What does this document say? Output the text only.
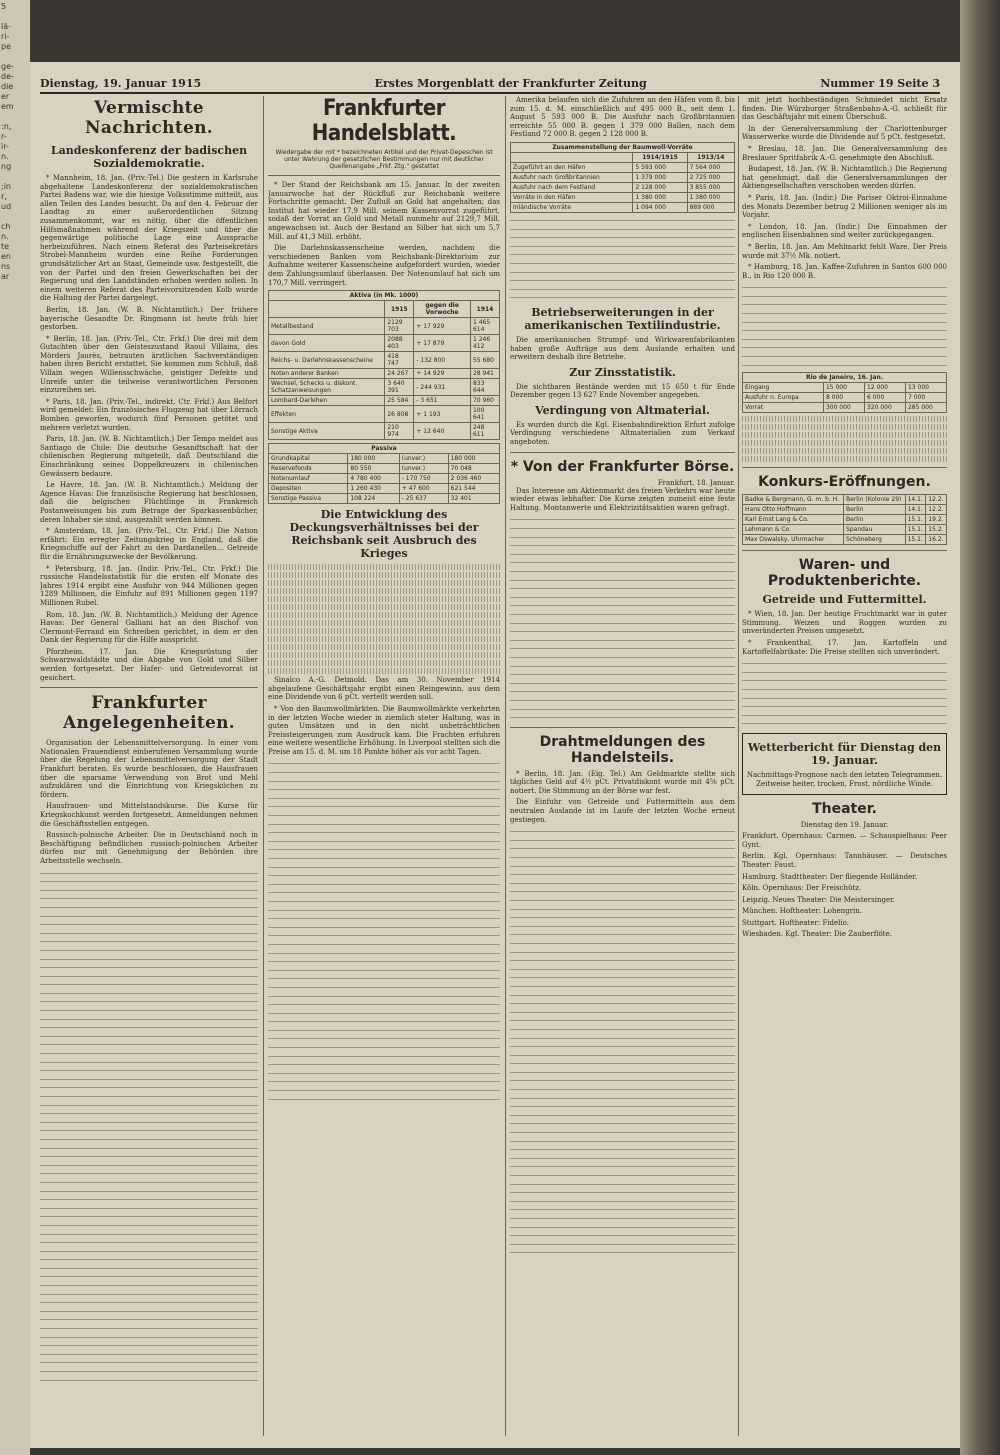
5

lä-
ri-
pe

ge-
de-
die
er
em

:n,
r-
ir-
n.
ng

;in
r,
ud

ch
n.
te
en
ns
ar
Dienstag, 19. Januar 1915	Erstes Morgenblatt der Frankfurter Zeitung	Nummer 19 Seite 3
Vermischte Nachrichten.
Landeskonferenz der badischen Sozialdemokratie.

* Mannheim, 18. Jan. (Priv.-Tel.) Die gestern in Karlsruhe abgehaltene Landeskonferenz der sozialdemokratischen Partei Badens war, wie die hiesige Volksstimme mitteilt, aus allen Teilen des Landes besucht. Da auf den 4. Februar der Landtag zu einer außerordentlichen Sitzung zusammenkommt, war es nötig, über die öffentlichen Hilfsmaßnahmen während der Kriegszeit und über die gegenwärtige politische Lage eine Aussprache herbeizuführen. Nach einem Referat des Parteisekretärs Strobel-Mannheim wurden eine Reihe Forderungen grundsätzlicher Art an Staat, Gemeinde usw. festgestellt, die von der Partei und den freien Gewerkschaften bei der Regierung und den Landständen erhoben werden sollen. In einem weiteren Referat des Parteivorsitzenden Kolb wurde die Haltung der Partei dargelegt.

Berlin, 18. Jan. (W. B. Nichtamtlich.) Der frühere bayerische Gesandte Dr. Ringmann ist heute früh hier gestorben.

* Berlin, 18. Jan. (Priv.-Tel., Ctr. Frkf.) Die drei mit dem Gutachten über den Geisteszustand Raoul Villains, des Mörders Jaurès, betrauten ärztlichen Sachverständigen haben ihren Bericht erstattet. Sie kommen zum Schluß, daß Villain wegen Willensschwäche, geistiger Defekte und Unreife unter die teilweise verantwortlichen Personen einzureihen sei.

* Paris, 18. Jan. (Priv.-Tel., indirekt, Ctr. Frkf.) Aus Belfort wird gemeldet: Ein französisches Flugzeug hat über Lörrach Bomben geworfen, wodurch fünf Personen getötet und mehrere verletzt wurden.

Paris, 18. Jan. (W. B. Nichtamtlich.) Der Temps meldet aus Santiago de Chile: Die deutsche Gesandtschaft hat der chilenischen Regierung mitgeteilt, daß Deutschland die Einschränkung seines Doppelkreuzers in chilenischen Gewässern bedaure.

Le Havre, 18. Jan. (W. B. Nichtamtlich.) Meldung der Agence Havas: Die französische Regierung hat beschlossen, daß die belgischen Flüchtlinge in Frankreich Postanweisungen bis zum Betrage der Sparkassenbücher, deren Inhaber sie sind, ausgezahlt werden können.

* Amsterdam, 18. Jan. (Priv.-Tel., Ctr. Frkf.) Die Nation erfährt: Ein erregter Zeitungskrieg in England, daß die Kriegsschiffe auf der Fahrt zu den Dardanellen... Getreide für die Ernährungszwecke der Bevölkerung.

* Petersburg, 18. Jan. (Indir. Priv.-Tel., Ctr. Frkf.) Die russische Handelsstatistik für die ersten elf Monate des Jahres 1914 ergibt eine Ausfuhr von 944 Millionen gegen 1289 Millionen, die Einfuhr auf 891 Millionen gegen 1197 Millionen Rubel.

Rom, 18. Jan. (W. B. Nichtamtlich.) Meldung der Agence Havas: Der General Galliani hat an den Bischof von Clermont-Ferrand ein Schreiben gerichtet, in dem er den Dank der Regierung für die Hilfe ausspricht.

Pforzheim, 17. Jan. Die Kriegsrüstung der Schwarzwaldstädte und die Abgabe von Gold und Silber werden fortgesetzt. Der Hafer- und Getreidevorrat ist gesichert.

Frankfurter Angelegenheiten.

Organisation der Lebensmittelversorgung. In einer vom Nationalen Frauendienst einberufenen Versammlung wurde über die Regelung der Lebensmittelversorgung der Stadt Frankfurt beraten. Es wurde beschlossen, die Hausfrauen über die sparsame Verwendung von Brot und Mehl aufzuklären und die Einrichtung von Kriegsküchen zu fördern.

Hausfrauen- und Mittelstandskurse. Die Kurse für Kriegskochkunst werden fortgesetzt. Anmeldungen nehmen die Geschäftsstellen entgegen.

Russisch-polnische Arbeiter. Die in Deutschland noch in Beschäftigung befindlichen russisch-polnischen Arbeiter dürfen nur mit Genehmigung der Behörden ihre Arbeitsstelle wechseln.

Frankfurter Handelsblatt.
Wiedergabe der mit * bezeichneten Artikel und der Privat-Depeschen ist unter Wahrung der gesetzlichen Bestimmungen nur mit deutlicher Quellenangabe „Frkf. Ztg.“ gestattet

* Der Stand der Reichsbank am 15. Januar. In der zweiten Januarwoche hat der Rückfluß zur Reichsbank weitere Fortschritte gemacht. Der Zufluß an Gold hat angehalten; das Institut hat wieder 17,9 Mill. seinem Kassenvorrat zugeführt, sodaß der Vorrat an Gold und Metall nunmehr auf 2129,7 Mill. angewachsen ist. Auch der Bestand an Silber hat sich um 5,7 Mill. auf 41,3 Mill. erhöht.

Die Darlehnskassenscheine werden, nachdem die verschiedenen Banken vom Reichsbank-Direktorium zur Aufnahme weiterer Kassenscheine aufgefordert wurden, wieder dem Zahlungsumlauf überlassen. Der Notenumlauf hat sich um 170,7 Mill. verringert.

Aktiva (in Mk. 1000)			
	1915	gegen die Vorwoche	1914
Metallbestand	2129 703	+ 17 929	1 465 614
davon Gold	2088 403	+ 17 879	1 246 412
Reichs- u. Darlehnskassenscheine	418 747	- 132 800	55 680
Noten anderer Banken	24 267	+ 14 929	28 941
Wechsel, Schecks u. diskont. Schatzanweisungen	3 640 391	- 244 931	833 644
Lombard-Darlehen	25 584	- 3 651	70 960
Effekten	26 808	+ 1 193	100 641
Sonstige Aktiva	210 974	+ 12 640	248 611
Passiva			
Grundkapital	180 000	(unver.)	180 000
Reservefonds	80 550	(unver.)	70 048
Notenumlauf	4 780 400	- 170 750	2 036 460
Depositen	1 260 430	+ 47 600	621 544
Sonstige Passiva	108 224	- 25 637	32 401
Die Entwicklung des Deckungsverhältnisses bei der Reichsbank seit Ausbruch des Krieges

Sinalco A.-G. Detmold. Das am 30. November 1914 abgelaufene Geschäftsjahr ergibt einen Reingewinn, aus dem eine Dividende von 6 pCt. verteilt werden soll.

* Von den Baumwollmärkten. Die Baumwollmärkte verkehrten in der letzten Woche wieder in ziemlich steter Haltung, was in guten Umsätzen und in den nicht unbeträchtlichen Preissteigerungen zum Ausdruck kam. Die Frachten erfuhren eine weitere wesentliche Erhöhung. In Liverpool stellten sich die Preise am 15. d. M. um 18 Punkte höher als vor acht Tagen.

Amerika belaufen sich die Zufuhren an den Häfen vom 8. bis zum 15. d. M. einschließlich auf 495 000 B., seit dem 1. August 5 593 000 B. Die Ausfuhr nach Großbritannien erreichte 55 000 B. gegen 1 379 000 Ballen, nach dem Festland 72 000 B. gegen 2 128 000 B.

Zusammenstellung der Baumwoll-Vorräte		
	1914/1915	1913/14
Zugeführt an den Häfen	5 593 000	7 564 000
Ausfuhr nach Großbritannien	1 379 000	2 725 000
Ausfuhr nach dem Festland	2 128 000	3 855 000
Vorräte in den Häfen	1 380 000	1 380 000
Inländische Vorräte	1 094 000	889 000
Betriebserweiterungen in der amerikanischen Textilindustrie.

Die amerikanischen Strumpf- und Wirkwarenfabrikanten haben große Aufträge aus dem Auslande erhalten und erweitern deshalb ihre Betriebe.

Zur Zinsstatistik.

Die sichtbaren Bestände werden mit 15 650 t für Ende Dezember gegen 13 627 Ende November angegeben.

Verdingung von Altmaterial.

Es wurden durch die Kgl. Eisenbahndirektion Erfurt zufolge Verdingung verschiedene Altmaterialien zum Verkauf angeboten.

* Von der Frankfurter Börse.
Frankfurt, 18. Januar.

Das Interesse am Aktienmarkt des freien Verkehrs war heute wieder etwas lebhafter. Die Kurse zeigten zumeist eine feste Haltung. Montanwerte und Elektrizitätsaktien waren gefragt.

Drahtmeldungen des Handelsteils.

* Berlin, 18. Jan. (Eig. Tel.) Am Geldmarkte stellte sich tägliches Geld auf 4½ pCt. Privatdiskont wurde mit 4⅝ pCt. notiert. Die Stimmung an der Börse war fest.

Die Einfuhr von Getreide und Futtermitteln aus dem neutralen Auslande ist im Laufe der letzten Woche erneut gestiegen.

mit jetzt hochbeständigen Schmiedet nicht Ersatz finden. Die Würzburger Straßenbahn-A.-G. schließt für das Geschäftsjahr mit einem Überschuß.

In der Generalversammlung der Charlottenburger Wasserwerke wurde die Dividende auf 5 pCt. festgesetzt.

* Breslau, 18. Jan. Die Generalversammlung des Breslauer Spritfabrik A.-G. genehmigte den Abschluß.

Budapest, 18. Jan. (W. B. Nichtamtlich.) Die Regierung hat genehmigt, daß die Generalversammlungen der Aktiengesellschaften verschoben werden dürfen.

* Paris, 18. Jan. (Indir.) Die Pariser Oktroi-Einnahme des Monats Dezember betrug 2 Millionen weniger als im Vorjahr.

* London, 18. Jan. (Indir.) Die Einnahmen der englischen Eisenbahnen sind weiter zurückgegangen.

* Berlin, 18. Jan. Am Mehlmarkt fehlt Ware. Der Preis wurde mit 37½ Mk. notiert.

* Hamburg, 18. Jan. Kaffee-Zufuhren in Santos 600 000 B., in Rio 120 000 B.

Rio de Janeiro, 16. Jan.			
Eingang	15 000	12 000	13 000
Ausfuhr n. Europa	8 000	6 000	7 000
Vorrat	300 000	320 000	285 000
Konkurs-Eröffnungen.
Badke & Bergmann, G. m. b. H.	Berlin (Kolonie 29)	14.1.	12.2.
Hans Otto Hoffmann	Berlin	14.1.	12.2.
Karl Ernst Lang & Co.	Berlin	15.1.	19.2.
Lehmann & Co.	Spandau	15.1.	15.2.
Max Oswalsky, Uhrmacher	Schöneberg	15.1.	16.2.
Waren- und Produktenberichte.
Getreide und Futtermittel.

* Wien, 18. Jan. Der heutige Fruchtmarkt war in guter Stimmung. Weizen und Roggen wurden zu unveränderten Preisen umgesetzt.

* Frankenthal, 17. Jan. Kartoffeln und Kartoffelfabrikate: Die Preise stellten sich unverändert.

Wetterbericht für Dienstag den 19. Januar.

Nachmittags-Prognose nach den letzten Telegrammen. Zeitweise heiter, trocken, Frost, nördliche Winde.

Theater.
Dienstag den 19. Januar.

Frankfurt. Opernhaus: Carmen. — Schauspielhaus: Peer Gynt.

Berlin. Kgl. Opernhaus: Tannhäuser. — Deutsches Theater: Faust.

Hamburg. Stadttheater: Der fliegende Holländer.

Köln. Opernhaus: Der Freischütz.

Leipzig. Neues Theater: Die Meistersinger.

München. Hoftheater: Lohengrin.

Stuttgart. Hoftheater: Fidelio.

Wiesbaden. Kgl. Theater: Die Zauberflöte.
